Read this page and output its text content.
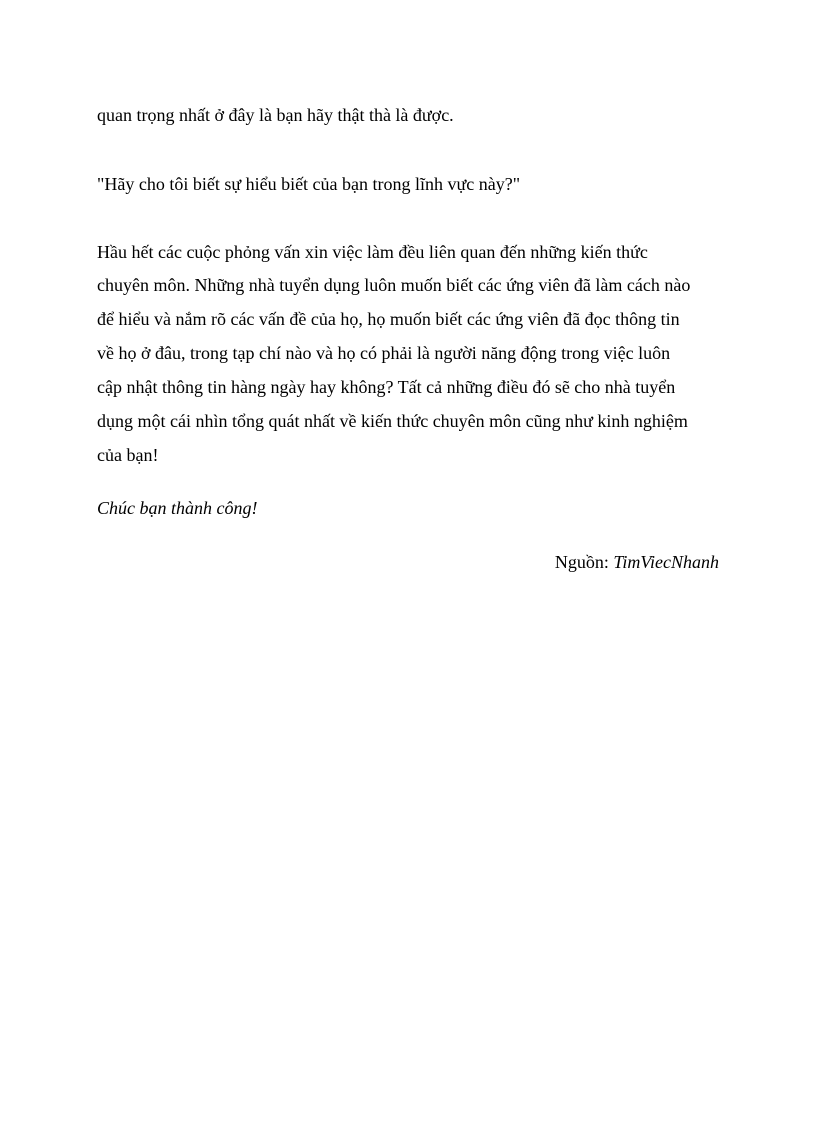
quan trọng nhất ở đây là bạn hãy thật thà là được.

"Hãy cho tôi biết sự hiểu biết của bạn trong lĩnh vực này?"

Hầu hết các cuộc phỏng vấn xin việc làm đều liên quan đến những kiến thức

chuyên môn. Những nhà tuyển dụng luôn muốn biết các ứng viên đã làm cách nào

để hiểu và nắm rõ các vấn đề của họ, họ muốn biết các ứng viên đã đọc thông tin

về họ ở đâu, trong tạp chí nào và họ có phải là người năng động trong việc luôn

cập nhật thông tin hàng ngày hay không? Tất cả những điều đó sẽ cho nhà tuyển

dụng một cái nhìn tổng quát nhất về kiến thức chuyên môn cũng như kinh nghiệm

của bạn!

Chúc bạn thành công!

Nguồn: TimViecNhanh
